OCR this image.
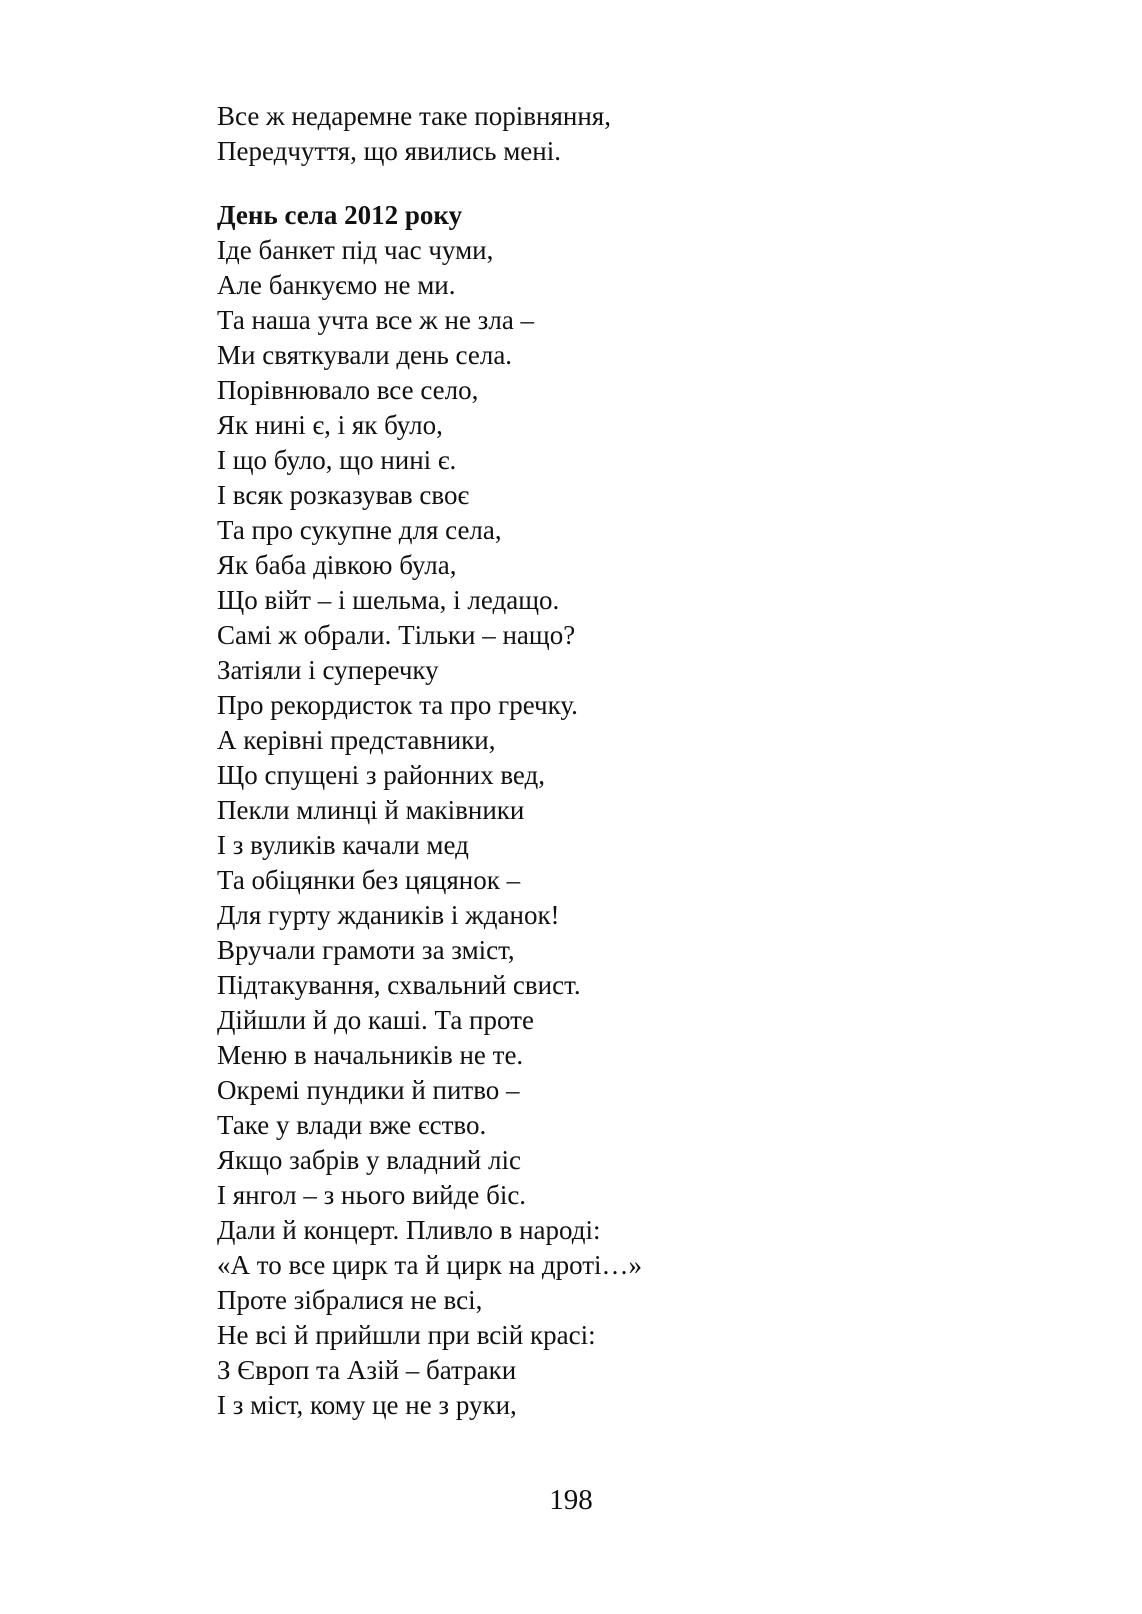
Все ж недаремне таке порівняння,
Передчуття, що явились мені.
День села 2012 року
Іде банкет під час чуми,
Але банкуємо не ми.
Та наша учта все ж не зла –
Ми святкували день села.
Порівнювало все село,
Як нині є, і як було,
І що було, що нині є.
І всяк розказував своє
Та про сукупне для села,
Як баба дівкою була,
Що війт – і шельма, і ледащо.
Самі ж обрали. Тільки – нащо?
Затіяли і суперечку
Про рекордисток та про гречку.
А керівні представники,
Що спущені з районних вед,
Пекли млинці й маківники
І з вуликів качали мед
Та обіцянки без цяцянок –
Для гурту ждаників і жданок!
Вручали грамоти за зміст,
Підтакування, схвальний свист.
Дійшли й до каші. Та проте
Меню в начальників не те.
Окремі пундики й питво –
Таке у влади вже єство.
Якщо забрів у владний ліс
І янгол – з нього вийде біс.
Дали й концерт. Пливло в народі:
«А то все цирк та й цирк на дроті…»
Проте зібралися не всі,
Не всі й прийшли при всій красі:
З Європ та Азій – батраки
І з міст, кому це не з руки,
198
